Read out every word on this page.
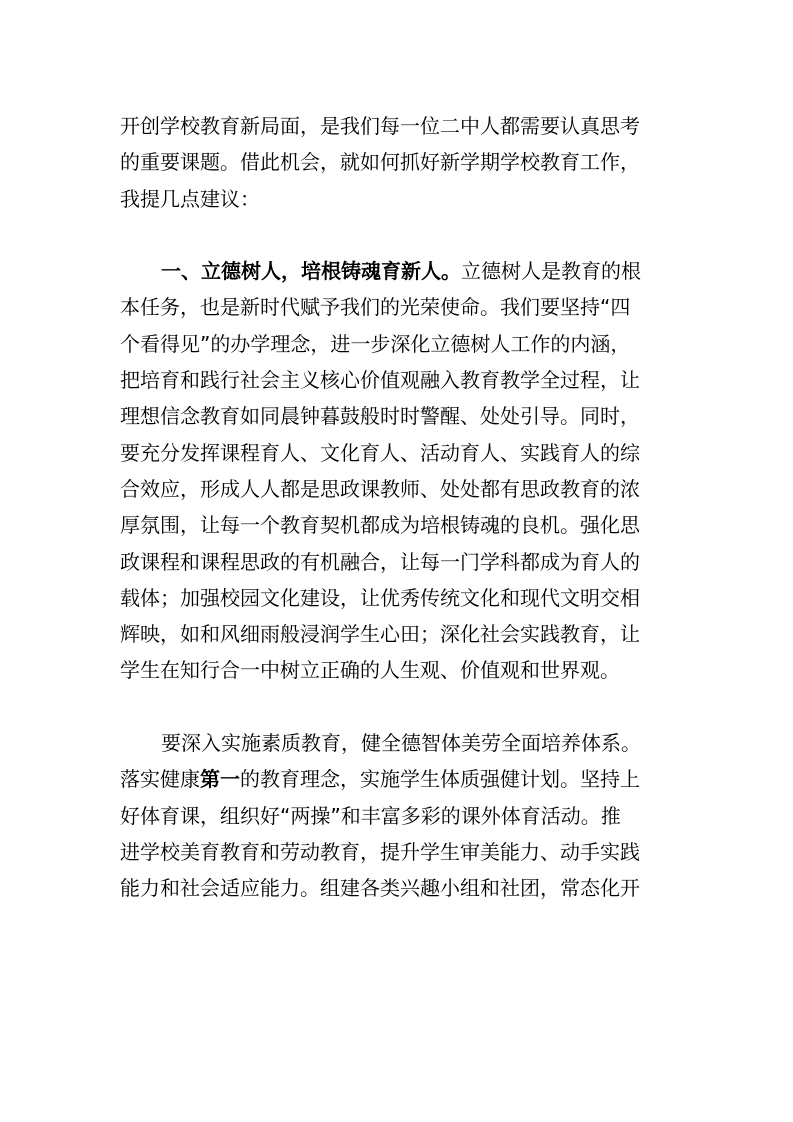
开创学校教育新局面，是我们每一位二中人都需要认真思考
的重要课题。借此机会，就如何抓好新学期学校教育工作，
我提几点建议：
一、立德树人，培根铸魂育新人。立德树人是教育的根
本任务，也是新时代赋予我们的光荣使命。我们要坚持“四
个看得见”的办学理念，进一步深化立德树人工作的内涵，
把培育和践行社会主义核心价值观融入教育教学全过程，让
理想信念教育如同晨钟暮鼓般时时警醒、处处引导。同时，
要充分发挥课程育人、文化育人、活动育人、实践育人的综
合效应，形成人人都是思政课教师、处处都有思政教育的浓
厚氛围，让每一个教育契机都成为培根铸魂的良机。强化思
政课程和课程思政的有机融合，让每一门学科都成为育人的
载体；加强校园文化建设，让优秀传统文化和现代文明交相
辉映，如和风细雨般浸润学生心田；深化社会实践教育，让
学生在知行合一中树立正确的人生观、价值观和世界观。
要深入实施素质教育，健全德智体美劳全面培养体系。
落实健康第一的教育理念，实施学生体质强健计划。坚持上
好体育课，组织好“两操”和丰富多彩的课外体育活动。推
进学校美育教育和劳动教育，提升学生审美能力、动手实践
能力和社会适应能力。组建各类兴趣小组和社团，常态化开
